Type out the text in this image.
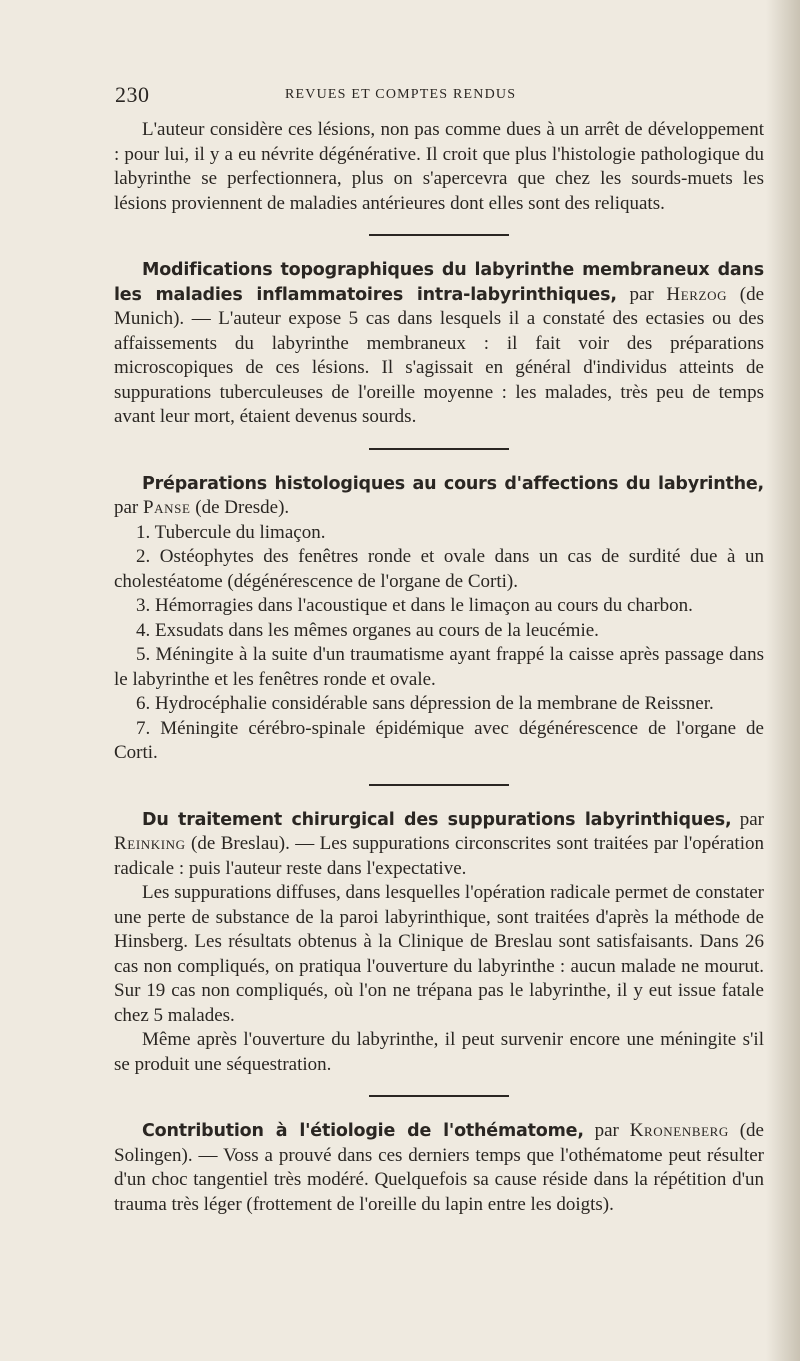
230	REVUES ET COMPTES RENDUS

L'auteur considère ces lésions, non pas comme dues à un arrêt de développement : pour lui, il y a eu névrite dégénérative. Il croit que plus l'histologie pathologique du labyrinthe se perfectionnera, plus on s'apercevra que chez les sourds-muets les lésions proviennent de maladies antérieures dont elles sont des reliquats.

Modifications topographiques du labyrinthe membraneux dans les maladies inflammatoires intra-labyrinthiques, par Herzog (de Munich). — L'auteur expose 5 cas dans lesquels il a constaté des ectasies ou des affaissements du labyrinthe membraneux : il fait voir des préparations microscopiques de ces lésions. Il s'agissait en général d'individus atteints de suppurations tuberculeuses de l'oreille moyenne : les malades, très peu de temps avant leur mort, étaient devenus sourds.

Préparations histologiques au cours d'affections du labyrinthe, par Panse (de Dresde).

1. Tubercule du limaçon.

2. Ostéophytes des fenêtres ronde et ovale dans un cas de surdité due à un cholestéatome (dégénérescence de l'organe de Corti).

3. Hémorragies dans l'acoustique et dans le limaçon au cours du charbon.

4. Exsudats dans les mêmes organes au cours de la leucémie.

5. Méningite à la suite d'un traumatisme ayant frappé la caisse après passage dans le labyrinthe et les fenêtres ronde et ovale.

6. Hydrocéphalie considérable sans dépression de la membrane de Reissner.

7. Méningite cérébro-spinale épidémique avec dégénérescence de l'organe de Corti.

Du traitement chirurgical des suppurations labyrinthiques, par Reinking (de Breslau). — Les suppurations circonscrites sont traitées par l'opération radicale : puis l'auteur reste dans l'expectative.

Les suppurations diffuses, dans lesquelles l'opération radicale permet de constater une perte de substance de la paroi labyrinthique, sont traitées d'après la méthode de Hinsberg. Les résultats obtenus à la Clinique de Breslau sont satisfaisants. Dans 26 cas non compliqués, on pratiqua l'ouverture du labyrinthe : aucun malade ne mourut. Sur 19 cas non compliqués, où l'on ne trépana pas le labyrinthe, il y eut issue fatale chez 5 malades.

Même après l'ouverture du labyrinthe, il peut survenir encore une méningite s'il se produit une séquestration.

Contribution à l'étiologie de l'othématome, par Kronenberg (de Solingen). — Voss a prouvé dans ces derniers temps que l'othématome peut résulter d'un choc tangentiel très modéré. Quelquefois sa cause réside dans la répétition d'un trauma très léger (frottement de l'oreille du lapin entre les doigts).
